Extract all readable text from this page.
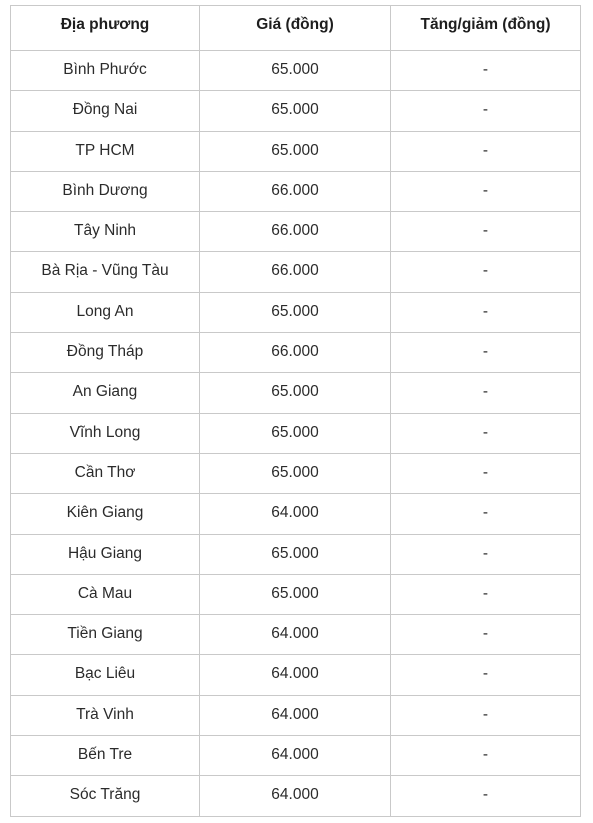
Địa phương	Giá (đồng)	Tăng/giảm (đồng)
Bình Phước	65.000	-
Đồng Nai	65.000	-
TP HCM	65.000	-
Bình Dương	66.000	-
Tây Ninh	66.000	-
Bà Rịa - Vũng Tàu	66.000	-
Long An	65.000	-
Đồng Tháp	66.000	-
An Giang	65.000	-
Vĩnh Long	65.000	-
Cần Thơ	65.000	-
Kiên Giang	64.000	-
Hậu Giang	65.000	-
Cà Mau	65.000	-
Tiền Giang	64.000	-
Bạc Liêu	64.000	-
Trà Vinh	64.000	-
Bến Tre	64.000	-
Sóc Trăng	64.000	-
